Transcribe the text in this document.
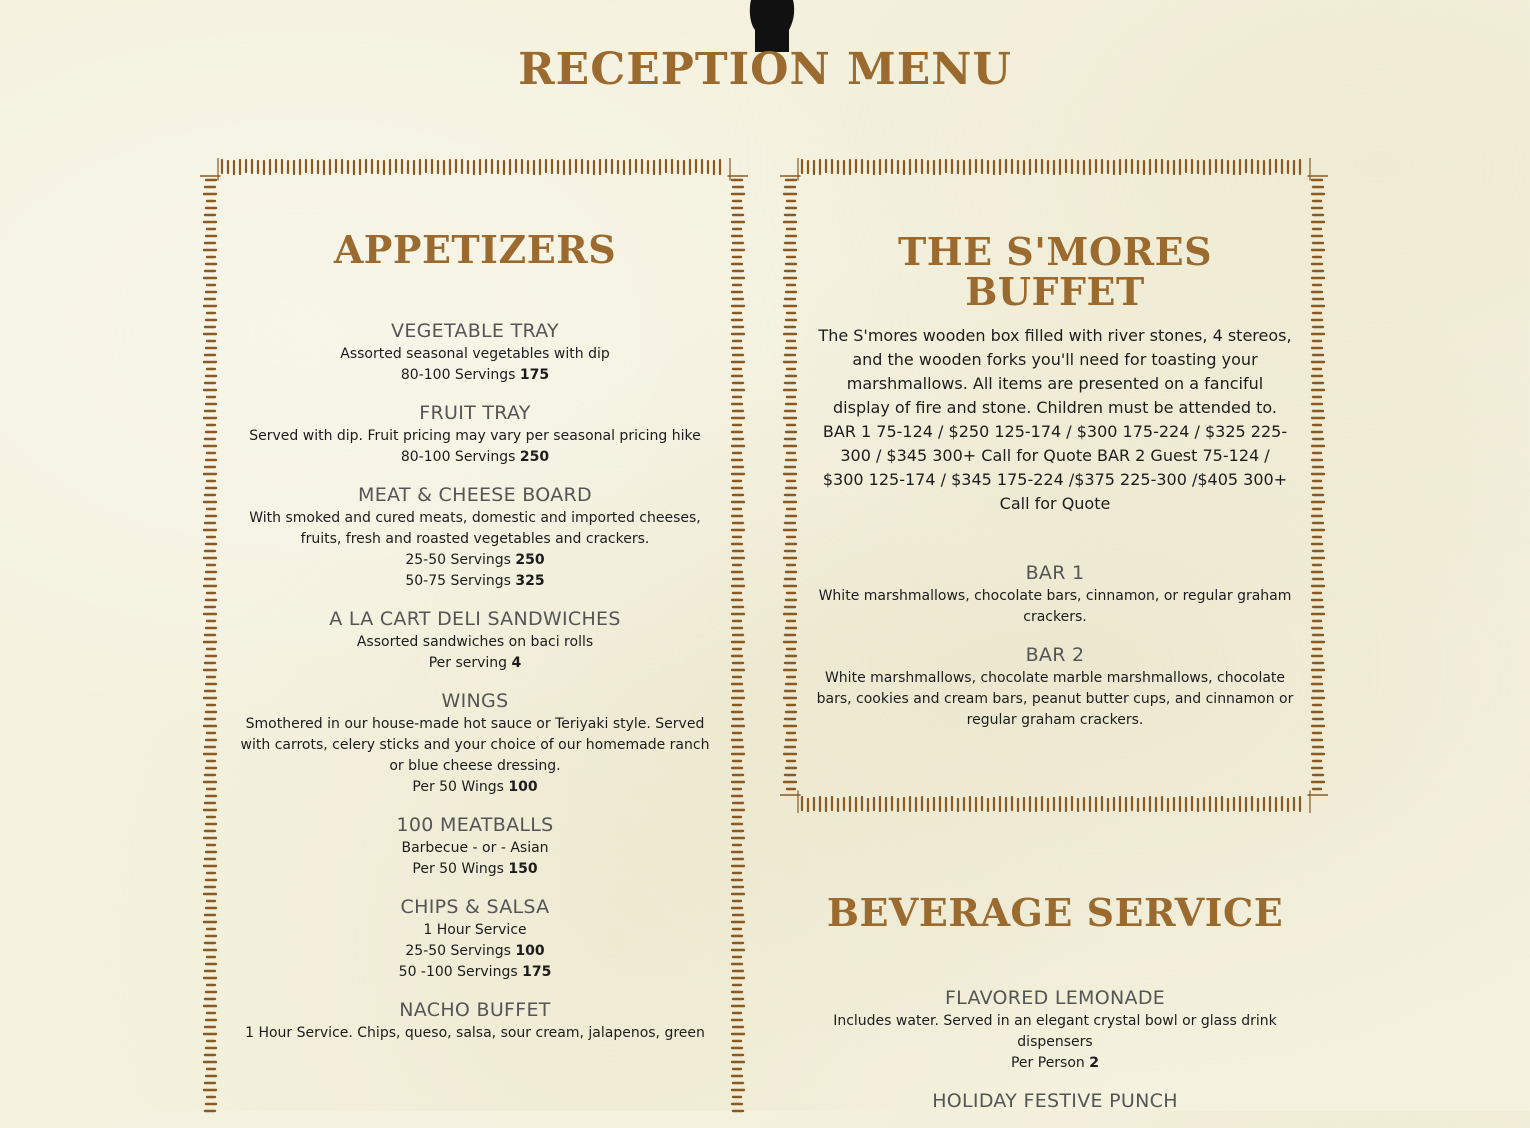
RECEPTION MENU
APPETIZERS
VEGETABLE TRAY
Assorted seasonal vegetables with dip
80-100 Servings 175
FRUIT TRAY
Served with dip. Fruit pricing may vary per seasonal pricing hike
80-100 Servings 250
MEAT & CHEESE BOARD
With smoked and cured meats, domestic and imported cheeses, fruits, fresh and roasted vegetables and crackers.
25-50 Servings 250
50-75 Servings 325
A LA CART DELI SANDWICHES
Assorted sandwiches on baci rolls
Per serving 4
WINGS
Smothered in our house-made hot sauce or Teriyaki style. Served with carrots, celery sticks and your choice of our homemade ranch or blue cheese dressing.
Per 50 Wings 100
100 MEATBALLS
Barbecue - or - Asian
Per 50 Wings 150
CHIPS & SALSA
1 Hour Service
25-50 Servings 100
50 -100 Servings 175
NACHO BUFFET
1 Hour Service. Chips, queso, salsa, sour cream, jalapenos, green
THE S'MORES
BUFFET

The S'mores wooden box filled with river stones, 4 stereos, and the wooden forks you'll need for toasting your marshmallows. All items are presented on a fanciful display of fire and stone. Children must be attended to. BAR 1 75-124 / $250 125-174 / $300 175-224 / $325 225-300 / $345 300+ Call for Quote BAR 2 Guest 75-124 / $300 125-174 / $345 175-224 /$375 225-300 /$405 300+ Call for Quote

BAR 1
White marshmallows, chocolate bars, cinnamon, or regular graham crackers.
BAR 2
White marshmallows, chocolate marble marshmallows, chocolate bars, cookies and cream bars, peanut butter cups, and cinnamon or regular graham crackers.
BEVERAGE SERVICE
FLAVORED LEMONADE
Includes water. Served in an elegant crystal bowl or glass drink dispensers
Per Person 2
HOLIDAY FESTIVE PUNCH
